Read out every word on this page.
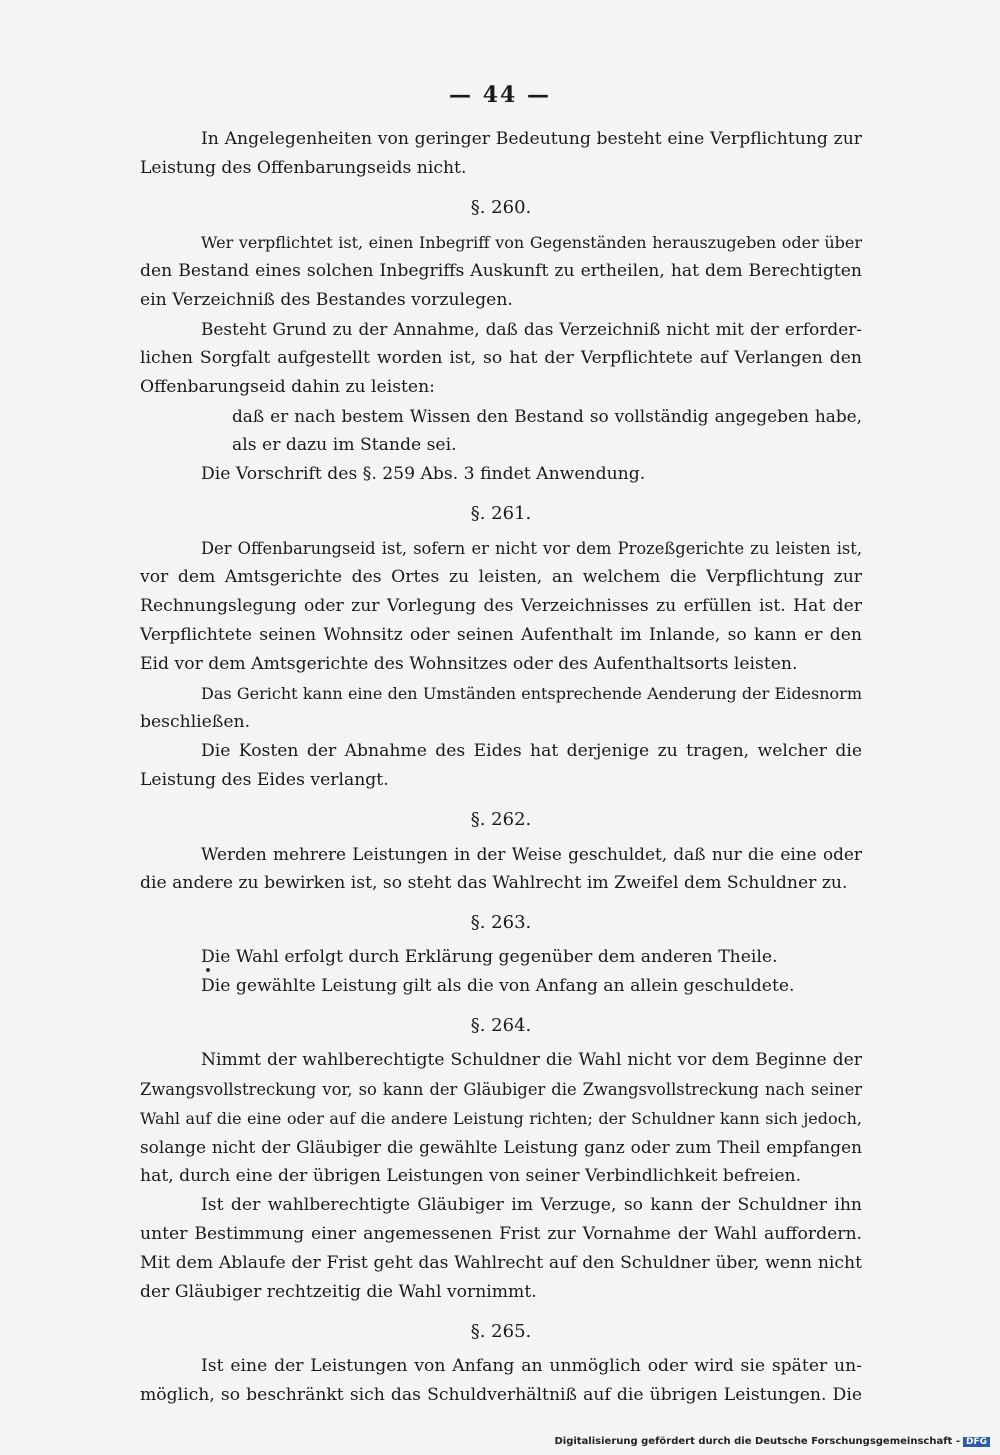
— 44 —
In Angelegenheiten von geringer Bedeutung besteht eine Verpflichtung zur
Leistung des Offenbarungseids nicht.
§. 260.
Wer verpflichtet ist, einen Inbegriff von Gegenständen herauszugeben oder über
den Bestand eines solchen Inbegriffs Auskunft zu ertheilen, hat dem Berechtigten
ein Verzeichniß des Bestandes vorzulegen.
Besteht Grund zu der Annahme, daß das Verzeichniß nicht mit der erforder-
lichen Sorgfalt aufgestellt worden ist, so hat der Verpflichtete auf Verlangen den
Offenbarungseid dahin zu leisten:
daß er nach bestem Wissen den Bestand so vollständig angegeben habe,
als er dazu im Stande sei.
Die Vorschrift des §. 259 Abs. 3 findet Anwendung.
§. 261.
Der Offenbarungseid ist, sofern er nicht vor dem Prozeßgerichte zu leisten ist,
vor dem Amtsgerichte des Ortes zu leisten, an welchem die Verpflichtung zur
Rechnungslegung oder zur Vorlegung des Verzeichnisses zu erfüllen ist. Hat der
Verpflichtete seinen Wohnsitz oder seinen Aufenthalt im Inlande, so kann er den
Eid vor dem Amtsgerichte des Wohnsitzes oder des Aufenthaltsorts leisten.
Das Gericht kann eine den Umständen entsprechende Aenderung der Eidesnorm
beschließen.
Die Kosten der Abnahme des Eides hat derjenige zu tragen, welcher die
Leistung des Eides verlangt.
§. 262.
Werden mehrere Leistungen in der Weise geschuldet, daß nur die eine oder
die andere zu bewirken ist, so steht das Wahlrecht im Zweifel dem Schuldner zu.
§. 263.
Die Wahl erfolgt durch Erklärung gegenüber dem anderen Theile.
Die gewählte Leistung gilt als die von Anfang an allein geschuldete.
§. 264.
Nimmt der wahlberechtigte Schuldner die Wahl nicht vor dem Beginne der
Zwangsvollstreckung vor, so kann der Gläubiger die Zwangsvollstreckung nach seiner
Wahl auf die eine oder auf die andere Leistung richten; der Schuldner kann sich jedoch,
solange nicht der Gläubiger die gewählte Leistung ganz oder zum Theil empfangen
hat, durch eine der übrigen Leistungen von seiner Verbindlichkeit befreien.
Ist der wahlberechtigte Gläubiger im Verzuge, so kann der Schuldner ihn
unter Bestimmung einer angemessenen Frist zur Vornahme der Wahl auffordern.
Mit dem Ablaufe der Frist geht das Wahlrecht auf den Schuldner über, wenn nicht
der Gläubiger rechtzeitig die Wahl vornimmt.
§. 265.
Ist eine der Leistungen von Anfang an unmöglich oder wird sie später un-
möglich, so beschränkt sich das Schuldverhältniß auf die übrigen Leistungen. Die
Digitalisierung gefördert durch die Deutsche Forschungsgemeinschaft - DFG
